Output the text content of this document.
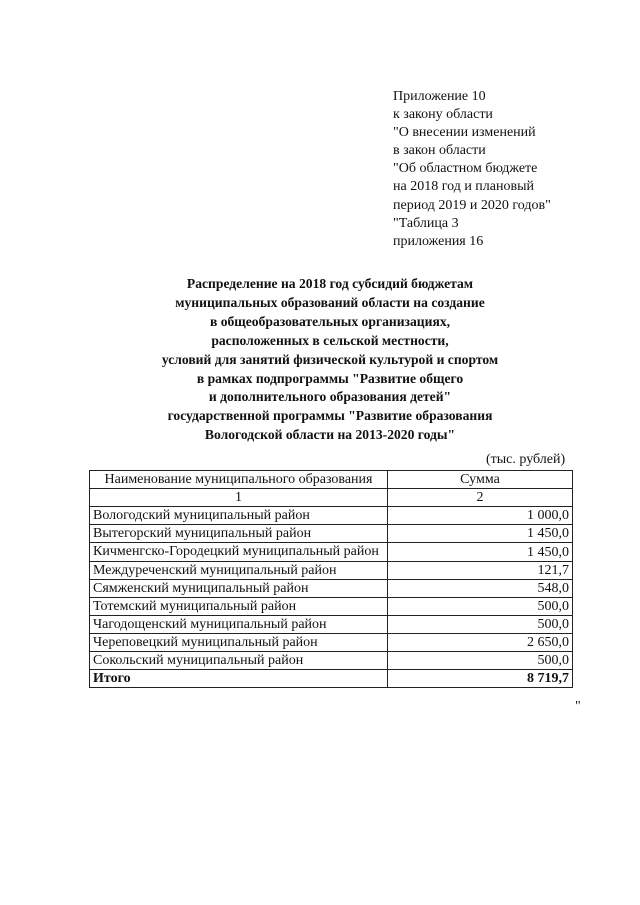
Приложение 10
к закону области
"О внесении изменений
в закон области
"Об областном бюджете
на 2018 год и плановый
период 2019 и 2020 годов"
"Таблица 3
приложения 16
Распределение на 2018 год субсидий бюджетам
муниципальных образований области на создание
в общеобразовательных организациях,
расположенных в сельской местности,
условий для занятий физической культурой и спортом
в рамках подпрограммы "Развитие общего
и дополнительного образования детей"
государственной программы "Развитие образования
Вологодской области на 2013-2020 годы"
(тыс. рублей)
Наименование муниципального образования	Сумма
1	2
Вологодский муниципальный район	1 000,0
Вытегорский муниципальный район	1 450,0
Кичменгско-Городецкий муниципальный район	1 450,0
Междуреченский муниципальный район	121,7
Сямженский муниципальный район	548,0
Тотемский муниципальный район	500,0
Чагодощенский муниципальный район	500,0
Череповецкий муниципальный район	2 650,0
Сокольский муниципальный район	500,0
Итого	8 719,7
"
